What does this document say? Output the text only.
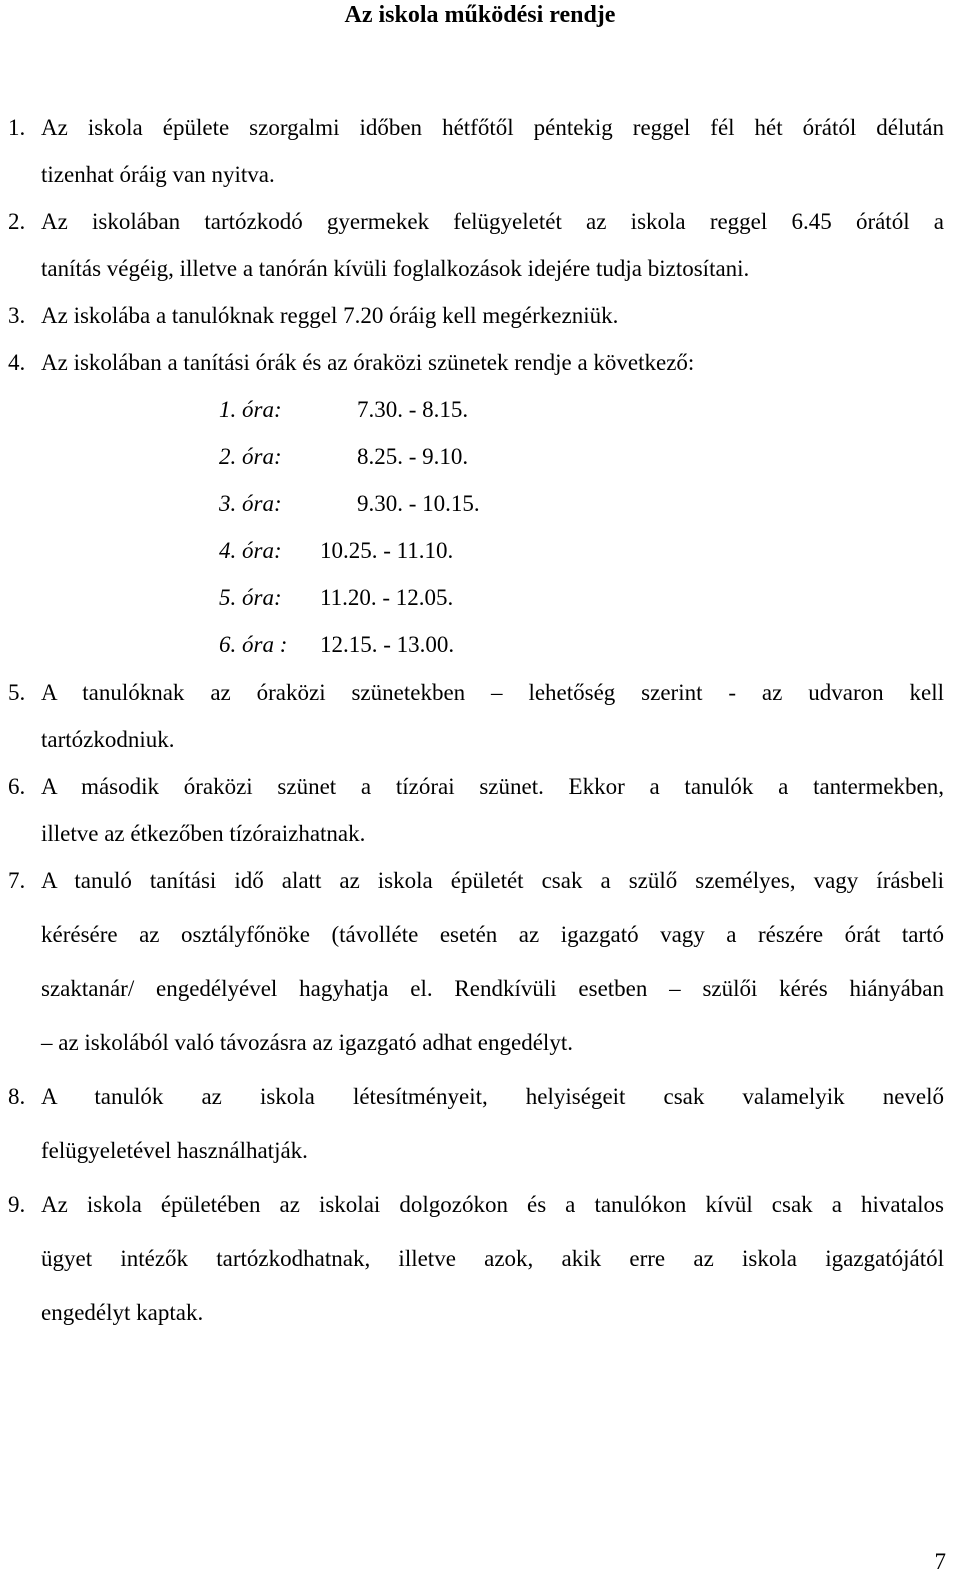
Az iskola működési rendje
1. Az iskola épülete szorgalmi időben hétfőtől péntekig reggel fél hét órától délután
tizenhat óráig van nyitva.
2. Az iskolában tartózkodó gyermekek felügyeletét az iskola reggel 6.45 órától a
tanítás végéig, illetve a tanórán kívüli foglalkozások idejére tudja biztosítani.
3. Az iskolába a tanulóknak reggel 7.20 óráig kell megérkezniük.
4. Az iskolában a tanítási órák és az óraközi szünetek rendje a következő:
1. óra:	7.30. - 8.15.
2. óra:	8.25. - 9.10.
3. óra:	9.30. - 10.15.
4. óra: 10.25. - 11.10.
5. óra: 11.20. - 12.05.
6. óra : 12.15. - 13.00.
5. A tanulóknak az óraközi szünetekben – lehetőség szerint - az udvaron kell
tartózkodniuk.
6. A második óraközi szünet a tízórai szünet. Ekkor a tanulók a tantermekben,
illetve az étkezőben tízóraizhatnak.
7. A tanuló tanítási idő alatt az iskola épületét csak a szülő személyes, vagy írásbeli
kérésére az osztályfőnöke (távolléte esetén az igazgató vagy a részére órát tartó
szaktanár/ engedélyével hagyhatja el. Rendkívüli esetben – szülői kérés hiányában
– az iskolából való távozásra az igazgató adhat engedélyt.
8. A tanulók az iskola létesítményeit, helyiségeit csak valamelyik nevelő
felügyeletével használhatják.
9. Az iskola épületében az iskolai dolgozókon és a tanulókon kívül csak a hivatalos
ügyet intézők tartózkodhatnak, illetve azok, akik erre az iskola igazgatójától
engedélyt kaptak.
7
